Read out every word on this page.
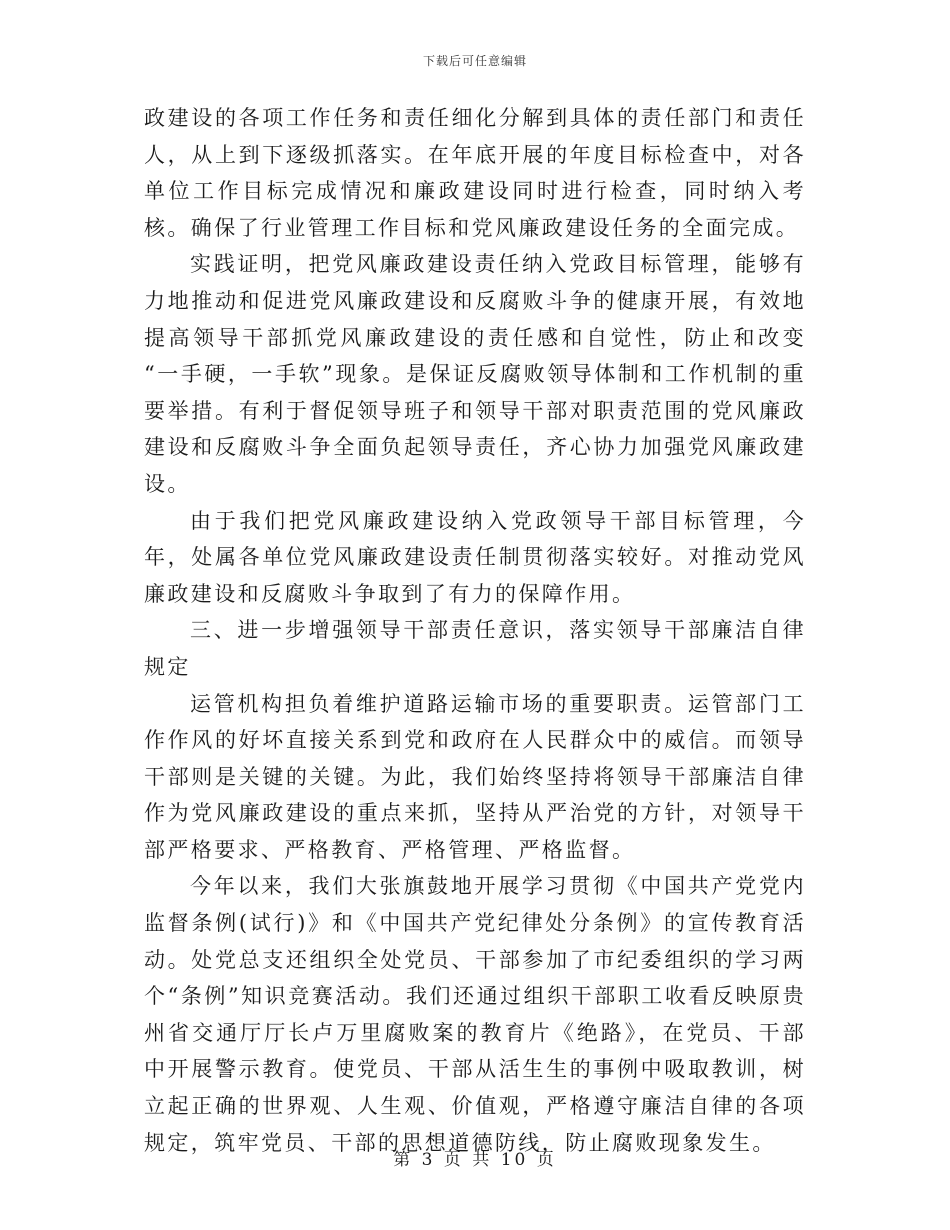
下载后可任意编辑

政建设的各项工作任务和责任细化分解到具体的责任部门和责任人，从上到下逐级抓落实。在年底开展的年度目标检查中，对各单位工作目标完成情况和廉政建设同时进行检查，同时纳入考核。确保了行业管理工作目标和党风廉政建设任务的全面完成。

实践证明，把党风廉政建设责任纳入党政目标管理，能够有力地推动和促进党风廉政建设和反腐败斗争的健康开展，有效地提高领导干部抓党风廉政建设的责任感和自觉性，防止和改变 “一手硬，一手软”现象。是保证反腐败领导体制和工作机制的重要举措。有利于督促领导班子和领导干部对职责范围的党风廉政建设和反腐败斗争全面负起领导责任，齐心协力加强党风廉政建设。

由于我们把党风廉政建设纳入党政领导干部目标管理，今年，处属各单位党风廉政建设责任制贯彻落实较好。对推动党风廉政建设和反腐败斗争取到了有力的保障作用。

三、进一步增强领导干部责任意识，落实领导干部廉洁自律规定

运管机构担负着维护道路运输市场的重要职责。运管部门工作作风的好坏直接关系到党和政府在人民群众中的威信。而领导干部则是关键的关键。为此，我们始终坚持将领导干部廉洁自律作为党风廉政建设的重点来抓，坚持从严治党的方针，对领导干部严格要求、严格教育、严格管理、严格监督。

今年以来，我们大张旗鼓地开展学习贯彻《中国共产党党内监督条例(试行)》和《中国共产党纪律处分条例》的宣传教育活动。处党总支还组织全处党员、干部参加了市纪委组织的学习两个“条例”知识竞赛活动。我们还通过组织干部职工收看反映原贵州省交通厅厅长卢万里腐败案的教育片《绝路》，在党员、干部中开展警示教育。使党员、干部从活生生的事例中吸取教训，树立起正确的世界观、人生观、价值观，严格遵守廉洁自律的各项规定，筑牢党员、干部的思想道德防线，防止腐败现象发生。

第 3 页 共 10 页
